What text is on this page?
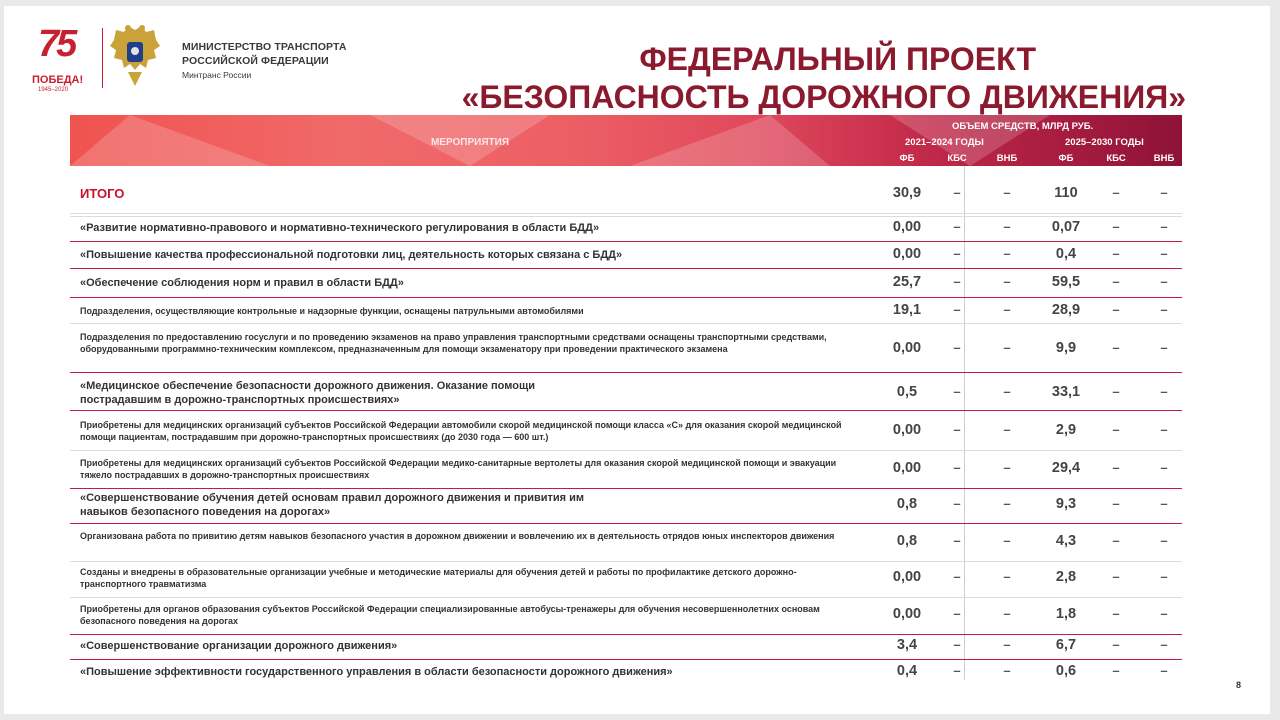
75
ПОБЕДА!
1945–2020
МИНИСТЕРСТВО ТРАНСПОРТА
РОССИЙСКОЙ ФЕДЕРАЦИИ
Минтранс России	ФЕДЕРАЛЬНЫЙ ПРОЕКТ
«БЕЗОПАСНОСТЬ ДОРОЖНОГО ДВИЖЕНИЯ»
МЕРОПРИЯТИЯ
ОБЪЕМ СРЕДСТВ, МЛРД РУБ.
2021–2024 ГОДЫ	2025–2030 ГОДЫ
ФБ	КБС	ВНБ	ФБ	КБС	ВНБ
ИТОГО	30,9	–	–	110	–	–
«Развитие нормативно-правового и нормативно-технического регулирования в области БДД»	0,00	–	–	0,07	–	–
«Повышение качества профессиональной подготовки лиц, деятельность которых связана с БДД»	0,00	–	–	0,4	–	–
«Обеспечение соблюдения норм и правил в области БДД»	25,7	–	–	59,5	–	–
Подразделения, осуществляющие контрольные и надзорные функции, оснащены патрульными автомобилями	19,1	–	–	28,9	–	–
Подразделения по предоставлению госуслуги и по проведению экзаменов на право управления транспортными средствами оснащены транспортными средствами, оборудованными программно-техническим комплексом, предназначенным для помощи экзаменатору при проведении практического экзамена	0,00	–	–	9,9	–	–
«Медицинское обеспечение безопасности дорожного движения. Оказание помощи пострадавшим в дорожно-транспортных происшествиях»	0,5	–	–	33,1	–	–
Приобретены для медицинских организаций субъектов Российской Федерации автомобили скорой медицинской помощи класса «С» для оказания скорой медицинской помощи пациентам, пострадавшим при дорожно-транспортных происшествиях (до 2030 года — 600 шт.)	0,00	–	–	2,9	–	–
Приобретены для медицинских организаций субъектов Российской Федерации медико-санитарные вертолеты для оказания скорой медицинской помощи и эвакуации тяжело пострадавших в дорожно-транспортных происшествиях	0,00	–	–	29,4	–	–
«Совершенствование обучения детей основам правил дорожного движения и привития им навыков безопасного поведения на дорогах»	0,8	–	–	9,3	–	–
Организована работа по привитию детям навыков безопасного участия в дорожном движении и вовлечению их в деятельность отрядов юных инспекторов движения	0,8	–	–	4,3	–	–
Созданы и внедрены в образовательные организации учебные и методические материалы для обучения детей и работы по профилактике детского дорожно-транспортного травматизма	0,00	–	–	2,8	–	–
Приобретены для органов образования субъектов Российской Федерации специализированные автобусы-тренажеры для обучения несовершеннолетних основам безопасного поведения на дорогах	0,00	–	–	1,8	–	–
«Совершенствование организации дорожного движения»	3,4	–	–	6,7	–	–
«Повышение эффективности государственного управления в области безопасности дорожного движения»	0,4	–	–	0,6	–	–
8
